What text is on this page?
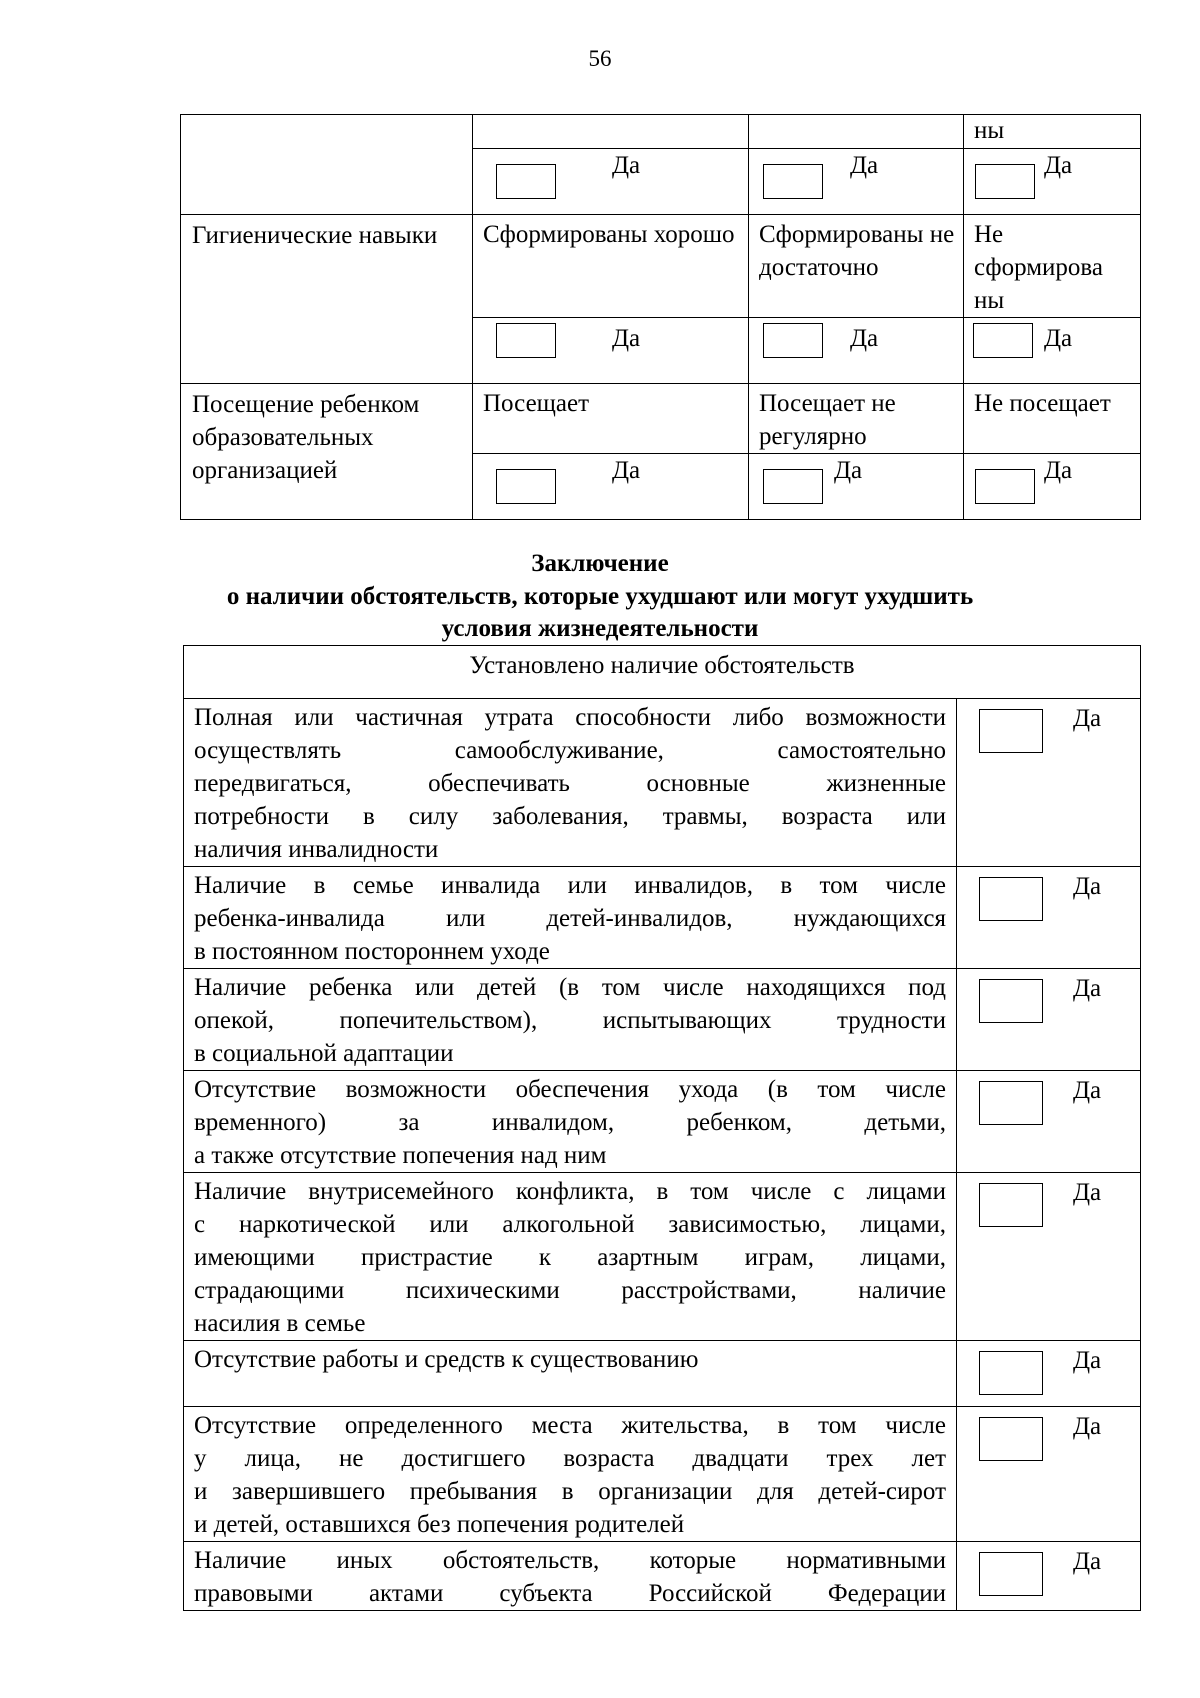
56
			ны

	Да	Да	Да

Гигиенические навыки	Сформированы хорошо	Сформированы не достаточно	Не
сформирова
ны

	Да	Да	Да

Посещение ребенком образовательных организацией	Посещает	Посещает не регулярно	Не посещает

	Да	Да	Да
Заключение
о наличии обстоятельств, которые ухудшают или могут ухудшить
условия жизнедеятельности
Установлено наличие обстоятельств	

Полная или частичная утрата способности либо возможности
осуществлять самообслуживание, самостоятельно
передвигаться, обеспечивать основные жизненные
потребности в силу заболевания, травмы, возраста или
наличия инвалидности	Да

Наличие в семье инвалида или инвалидов, в том числе
ребенка-инвалида или детей-инвалидов, нуждающихся
в постоянном постороннем уходе	Да

Наличие ребенка или детей (в том числе находящихся под
опекой, попечительством), испытывающих трудности
в социальной адаптации	Да

Отсутствие возможности обеспечения ухода (в том числе
временного) за инвалидом, ребенком, детьми,
а также отсутствие попечения над ним	Да

Наличие внутрисемейного конфликта, в том числе с лицами
с наркотической или алкогольной зависимостью, лицами,
имеющими пристрастие к азартным играм, лицами,
страдающими психическими расстройствами, наличие
насилия в семье	Да

Отсутствие работы и средств к существованию	Да

Отсутствие определенного места жительства, в том числе
у лица, не достигшего возраста двадцати трех лет
и завершившего пребывания в организации для детей-сирот
и детей, оставшихся без попечения родителей	Да

Наличие иных обстоятельств, которые нормативными
правовыми актами субъекта Российской Федерации	Да
